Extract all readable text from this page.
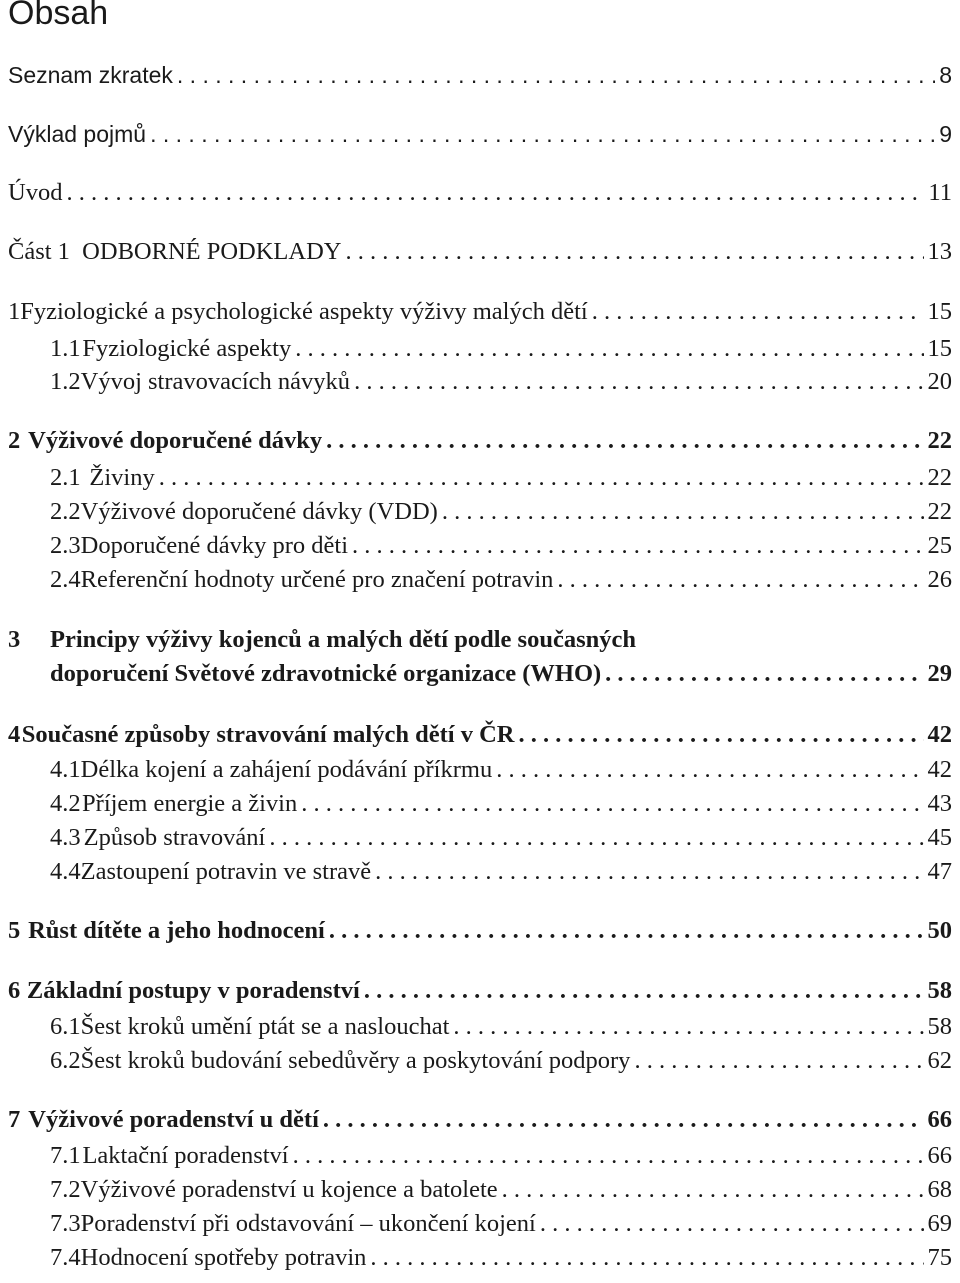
Obsah
Seznam zkratek . . .	8
Výklad pojmů . . .	9
Úvod . . .	11
Část 1  ODBORNÉ PODKLADY . . .	13
1 Fyziologické a psychologické aspekty výživy malých dětí . . .	15
1.1 Fyziologické aspekty . . .	15
1.2 Vývoj stravovacích návyků . . .	20
2 Výživové doporučené dávky . . .	22
2.1 Živiny . . .	22
2.2 Výživové doporučené dávky (VDD) . . .	22
2.3 Doporučené dávky pro děti . . .	25
2.4 Referenční hodnoty určené pro značení potravin . . .	26
3	Principy výživy kojenců a malých dětí podle současných
doporučení Světové zdravotnické organizace (WHO) . . .	29
4 Současné způsoby stravování malých dětí v ČR . . .	42
4.1 Délka kojení a zahájení podávání příkrmu . . .	42
4.2 Příjem energie a živin . . .	43
4.3 Způsob stravování . . .	45
4.4 Zastoupení potravin ve stravě . . .	47
5 Růst dítěte a jeho hodnocení . . .	50
6 Základní postupy v poradenství . . .	58
6.1 Šest kroků umění ptát se a naslouchat . . .	58
6.2 Šest kroků budování sebedůvěry a poskytování podpory . . .	62
7 Výživové poradenství u dětí . . .	66
7.1 Laktační poradenství . . .	66
7.2 Výživové poradenství u kojence a batolete . . .	68
7.3 Poradenství při odstavování – ukončení kojení . . .	69
7.4 Hodnocení spotřeby potravin . . .	75
